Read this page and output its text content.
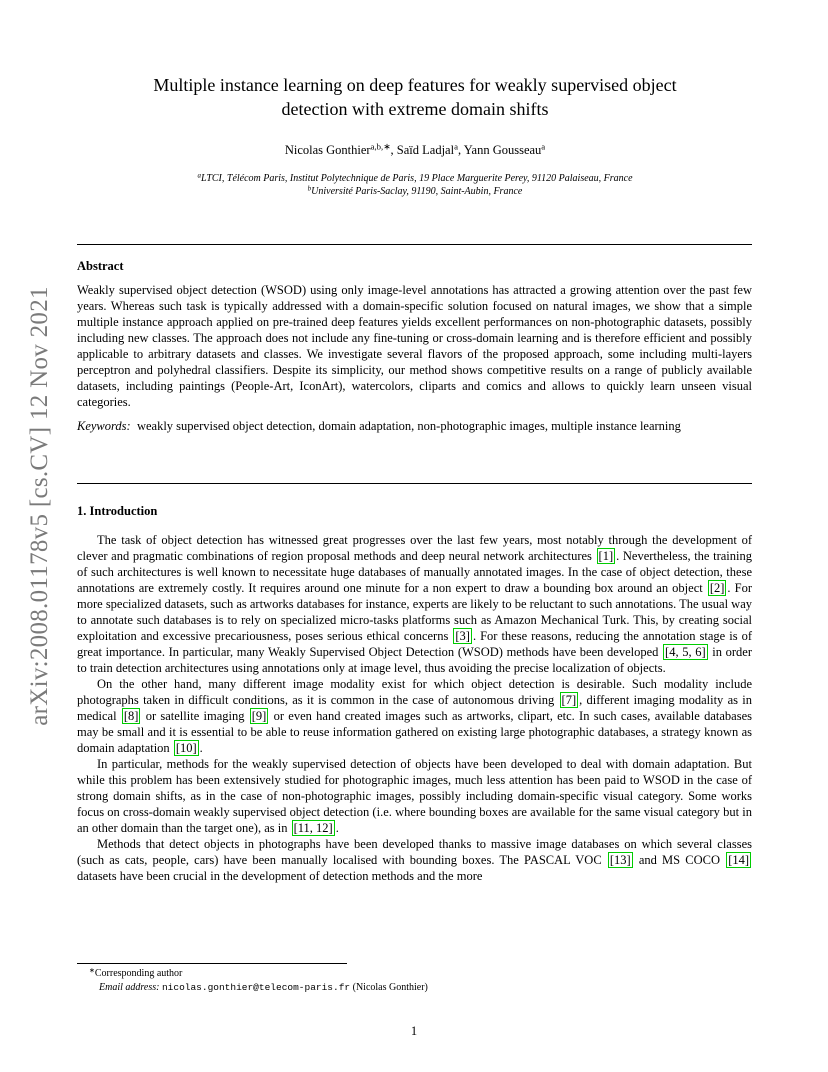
arXiv:2008.01178v5 [cs.CV] 12 Nov 2021
Multiple instance learning on deep features for weakly supervised object
detection with extreme domain shifts
Nicolas Gonthier$^{a,b,∗}$, Saïd Ladjal$^a$, Yann Gousseau$^a$
$^a$LTCI, Télécom Paris, Institut Polytechnique de Paris, 19 Place Marguerite Perey, 91120 Palaiseau, France
$^b$Université Paris-Saclay, 91190, Saint-Aubin, France
Abstract

Weakly supervised object detection (WSOD) using only image-level annotations has attracted a growing attention over the past few years. Whereas such task is typically addressed with a domain-specific solution focused on natural images, we show that a simple multiple instance approach applied on pre-trained deep features yields excellent performances on non-photographic datasets, possibly including new classes. The approach does not include any fine-tuning or cross-domain learning and is therefore efficient and possibly applicable to arbitrary datasets and classes. We investigate several flavors of the proposed approach, some including multi-layers perceptron and polyhedral classifiers. Despite its simplicity, our method shows competitive results on a range of publicly available datasets, including paintings (People-Art, IconArt), watercolors, cliparts and comics and allows to quickly learn unseen visual categories.

Keywords: weakly supervised object detection, domain adaptation, non-photographic images, multiple instance learning

1. Introduction

The task of object detection has witnessed great progresses over the last few years, most notably through the development of clever and pragmatic combinations of region proposal methods and deep neural network architectures [1] . Nevertheless, the training of such architectures is well known to necessitate huge databases of manually annotated images. In the case of object detection, these annotations are extremely costly. It requires around one minute for a non expert to draw a bounding box around an object [2] . For more specialized datasets, such as artworks databases for instance, experts are likely to be reluctant to such annotations. The usual way to annotate such databases is to rely on specialized micro-tasks platforms such as Amazon Mechanical Turk. This, by creating social exploitation and excessive precariousness, poses serious ethical concerns [3] . For these reasons, reducing the annotation stage is of great importance. In particular, many Weakly Supervised Object Detection (WSOD) methods have been developed [4, 5, 6] in order to train detection architectures using annotations only at image level, thus avoiding the precise localization of objects.

On the other hand, many different image modality exist for which object detection is desirable. Such modality include photographs taken in difficult conditions, as it is common in the case of autonomous driving [7] , different imaging modality as in medical [8] or satellite imaging [9] or even hand created images such as artworks, clipart, etc. In such cases, available databases may be small and it is essential to be able to reuse information gathered on existing large photographic databases, a strategy known as domain adaptation [10] .

In particular, methods for the weakly supervised detection of objects have been developed to deal with domain adaptation. But while this problem has been extensively studied for photographic images, much less attention has been paid to WSOD in the case of strong domain shifts, as in the case of non-photographic images, possibly including domain-specific visual category. Some works focus on cross-domain weakly supervised object detection (i.e. where bounding boxes are available for the same visual category but in an other domain than the target one), as in [11, 12] .

Methods that detect objects in photographs have been developed thanks to massive image databases on which several classes (such as cats, people, cars) have been manually localised with bounding boxes. The PASCAL VOC [13] and MS COCO [14] datasets have been crucial in the development of detection methods and the more

∗Corresponding author
Email address: nicolas.gonthier@telecom-paris.fr (Nicolas Gonthier)
1
